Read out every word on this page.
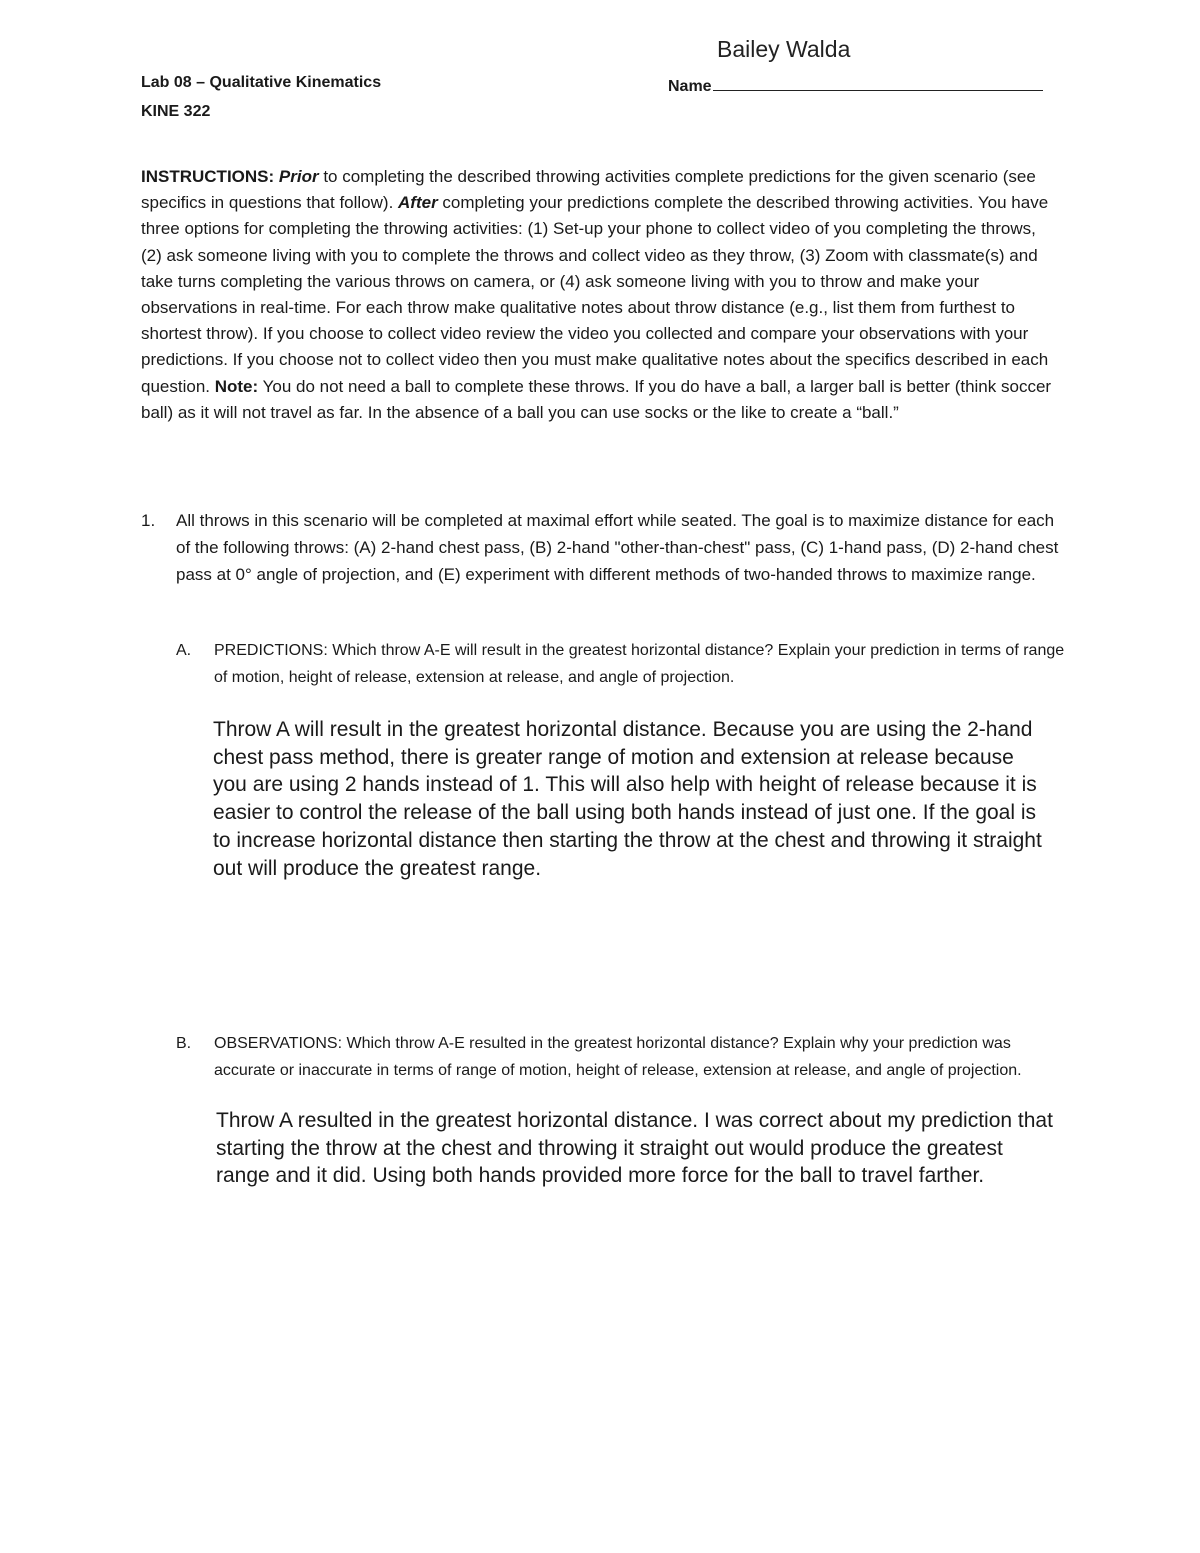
Bailey Walda
Lab 08 – Qualitative Kinematics
KINE 322
Name
INSTRUCTIONS: Prior to completing the described throwing activities complete predictions for the given scenario (see specifics in questions that follow). After completing your predictions complete the described throwing activities. You have three options for completing the throwing activities: (1) Set-up your phone to collect video of you completing the throws, (2) ask someone living with you to complete the throws and collect video as they throw, (3) Zoom with classmate(s) and take turns completing the various throws on camera, or (4) ask someone living with you to throw and make your observations in real-time. For each throw make qualitative notes about throw distance (e.g., list them from furthest to shortest throw). If you choose to collect video review the video you collected and compare your observations with your predictions. If you choose not to collect video then you must make qualitative notes about the specifics described in each question. Note: You do not need a ball to complete these throws. If you do have a ball, a larger ball is better (think soccer ball) as it will not travel as far. In the absence of a ball you can use socks or the like to create a “ball.”
1. All throws in this scenario will be completed at maximal effort while seated. The goal is to maximize distance for each of the following throws: (A) 2-hand chest pass, (B) 2-hand "other-than-chest" pass, (C) 1-hand pass, (D) 2-hand chest pass at 0° angle of projection, and (E) experiment with different methods of two-handed throws to maximize range.
A. PREDICTIONS: Which throw A-E will result in the greatest horizontal distance? Explain your prediction in terms of range of motion, height of release, extension at release, and angle of projection.
Throw A will result in the greatest horizontal distance. Because you are using the 2-hand chest pass method, there is greater range of motion and extension at release because you are using 2 hands instead of 1. This will also help with height of release because it is easier to control the release of the ball using both hands instead of just one. If the goal is to increase horizontal distance then starting the throw at the chest and throwing it straight out will produce the greatest range.
B. OBSERVATIONS: Which throw A-E resulted in the greatest horizontal distance? Explain why your prediction was accurate or inaccurate in terms of range of motion, height of release, extension at release, and angle of projection.
Throw A resulted in the greatest horizontal distance. I was correct about my prediction that starting the throw at the chest and throwing it straight out would produce the greatest range and it did. Using both hands provided more force for the ball to travel farther.
